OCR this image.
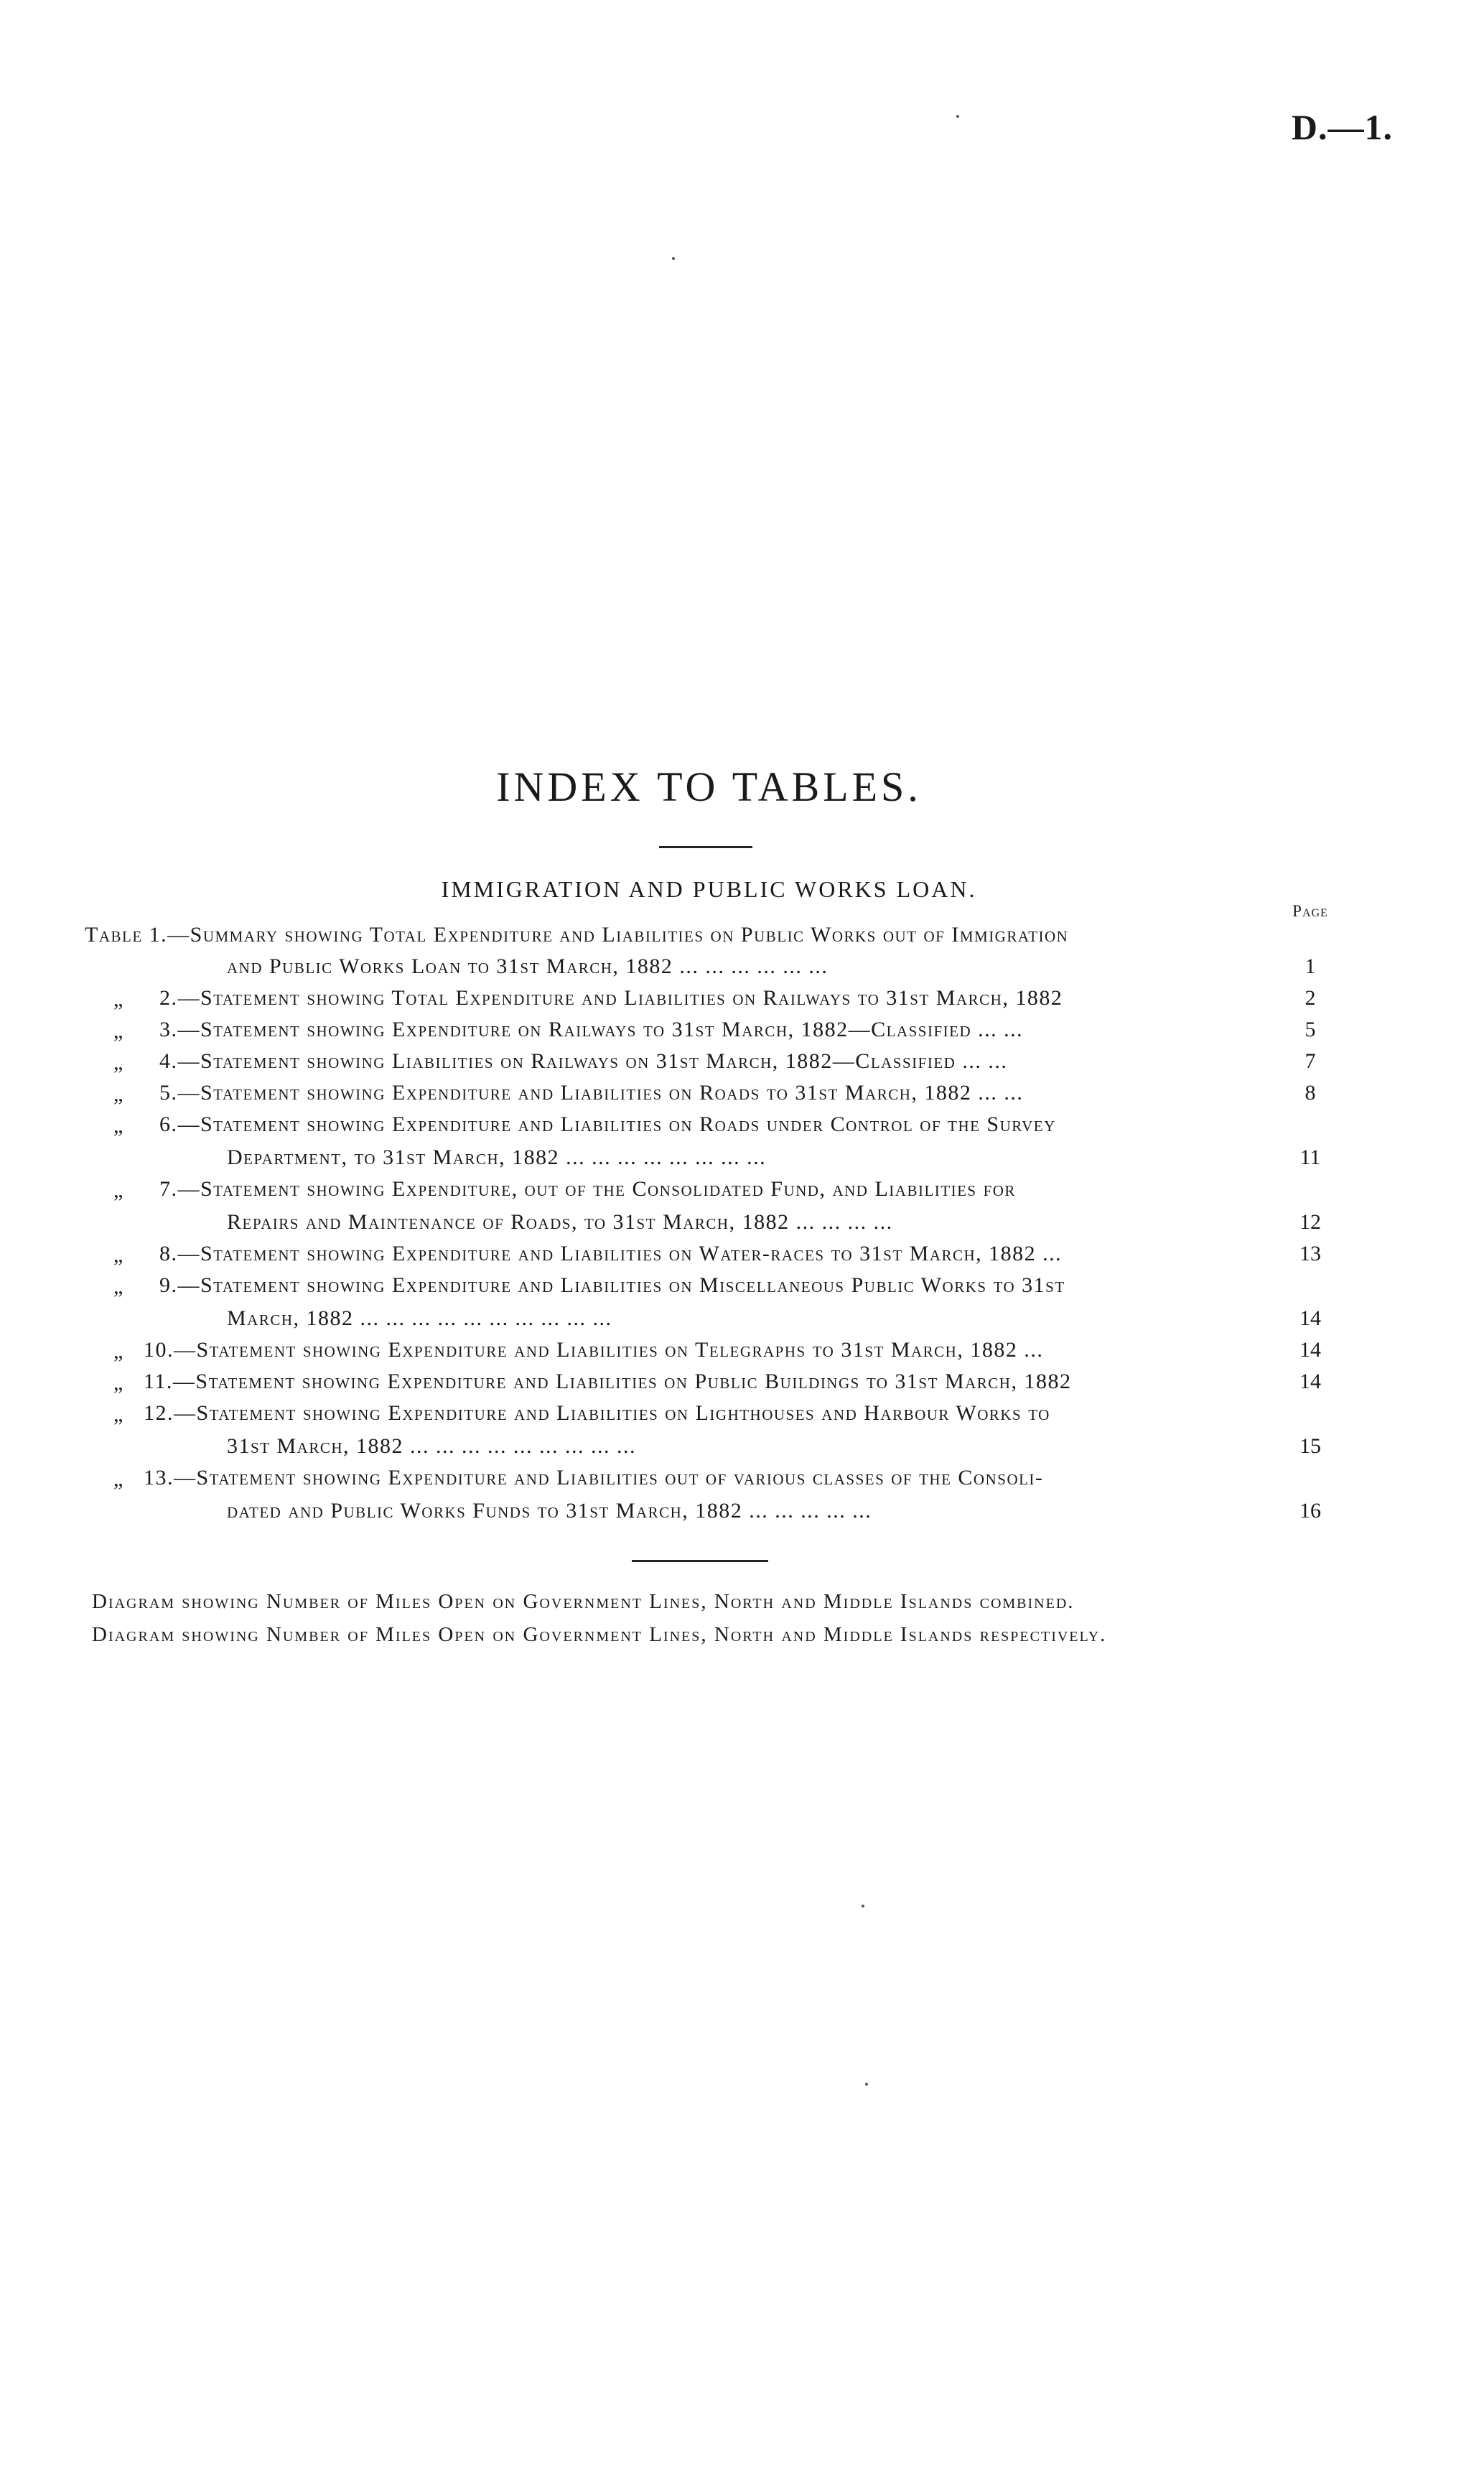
D.—1.
INDEX TO TABLES.
IMMIGRATION AND PUBLIC WORKS LOAN.
Page
Table 1.—Summary showing Total Expenditure and Liabilities on Public Works out of Immigration
and Public Works Loan to 31st March, 1882 ... ... ... ... ... ...	1
„ 2.—Statement showing Total Expenditure and Liabilities on Railways to 31st March, 1882	2
„ 3.—Statement showing Expenditure on Railways to 31st March, 1882—Classified ... ...	5
„ 4.—Statement showing Liabilities on Railways on 31st March, 1882—Classified ... ...	7
„ 5.—Statement showing Expenditure and Liabilities on Roads to 31st March, 1882 ... ...	8
„ 6.—Statement showing Expenditure and Liabilities on Roads under Control of the Survey
Department, to 31st March, 1882 ... ... ... ... ... ... ... ...	11
„ 7.—Statement showing Expenditure, out of the Consolidated Fund, and Liabilities for
Repairs and Maintenance of Roads, to 31st March, 1882 ... ... ... ...	12
„ 8.—Statement showing Expenditure and Liabilities on Water-races to 31st March, 1882 ...	13
„ 9.—Statement showing Expenditure and Liabilities on Miscellaneous Public Works to 31st
March, 1882 ... ... ... ... ... ... ... ... ... ...	14
„ 10.—Statement showing Expenditure and Liabilities on Telegraphs to 31st March, 1882 ...	14
„ 11.—Statement showing Expenditure and Liabilities on Public Buildings to 31st March, 1882	14
„ 12.—Statement showing Expenditure and Liabilities on Lighthouses and Harbour Works to
31st March, 1882 ... ... ... ... ... ... ... ... ...	15
„ 13.—Statement showing Expenditure and Liabilities out of various classes of the Consoli-
dated and Public Works Funds to 31st March, 1882 ... ... ... ... ...	16
Diagram showing Number of Miles Open on Government Lines, North and Middle Islands combined.
Diagram showing Number of Miles Open on Government Lines, North and Middle Islands respectively.
